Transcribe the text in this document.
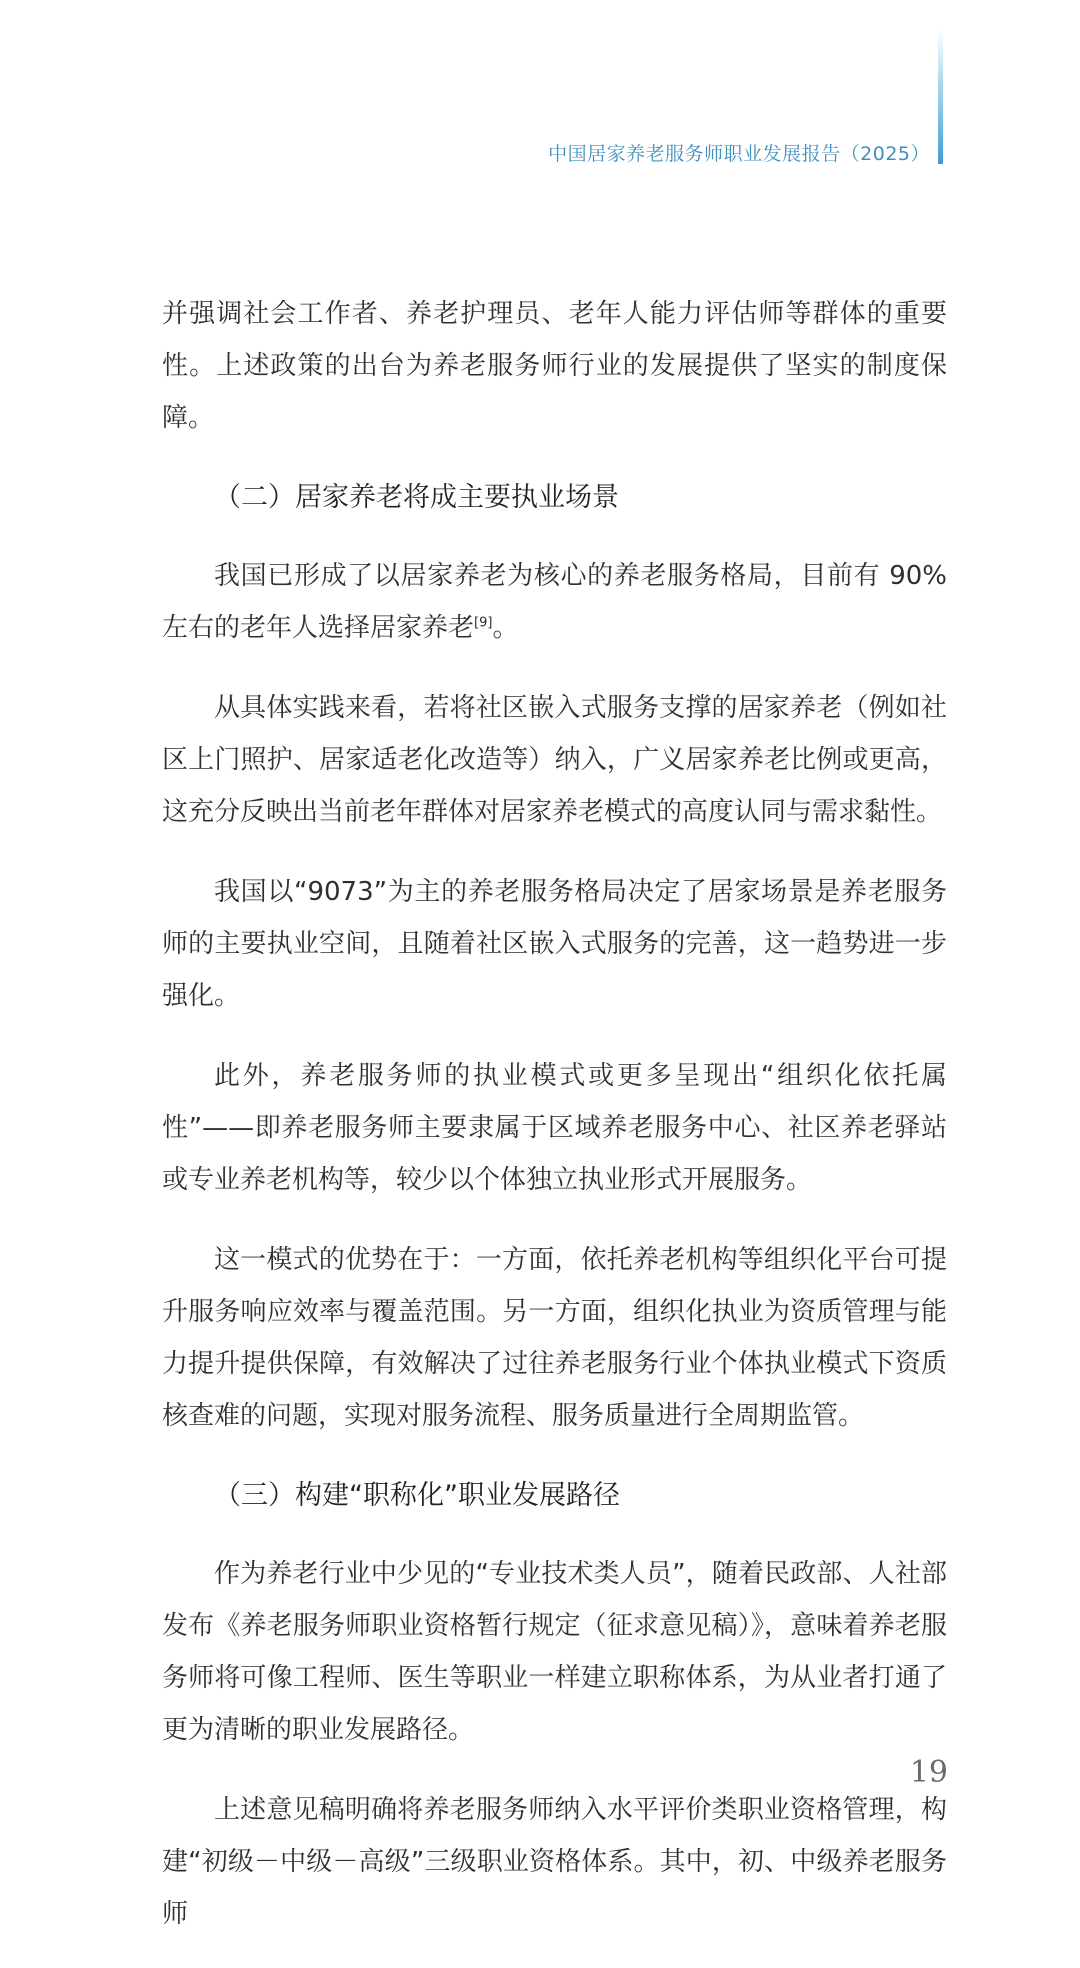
中国居家养老服务师职业发展报告（2025）

并强调社会工作者、养老护理员、老年人能力评估师等群体的重要性。上述政策的出台为养老服务师行业的发展提供了坚实的制度保障。

（二）居家养老将成主要执业场景

我国已形成了以居家养老为核心的养老服务格局，目前有 90% 左右的老年人选择居家养老[9]。

从具体实践来看，若将社区嵌入式服务支撑的居家养老（例如社区上门照护、居家适老化改造等）纳入，广义居家养老比例或更高，这充分反映出当前老年群体对居家养老模式的高度认同与需求黏性。

我国以“9073”为主的养老服务格局决定了居家场景是养老服务师的主要执业空间，且随着社区嵌入式服务的完善，这一趋势进一步强化。

此外，养老服务师的执业模式或更多呈现出“组织化依托属性”——即养老服务师主要隶属于区域养老服务中心、社区养老驿站或专业养老机构等，较少以个体独立执业形式开展服务。

这一模式的优势在于：一方面，依托养老机构等组织化平台可提升服务响应效率与覆盖范围。另一方面，组织化执业为资质管理与能力提升提供保障，有效解决了过往养老服务行业个体执业模式下资质核查难的问题，实现对服务流程、服务质量进行全周期监管。

（三）构建“职称化”职业发展路径

作为养老行业中少见的“专业技术类人员”，随着民政部、人社部发布《养老服务师职业资格暂行规定（征求意见稿）》，意味着养老服务师将可像工程师、医生等职业一样建立职称体系，为从业者打通了更为清晰的职业发展路径。

上述意见稿明确将养老服务师纳入水平评价类职业资格管理，构建“初级－中级－高级”三级职业资格体系。其中，初、中级养老服务师

19
